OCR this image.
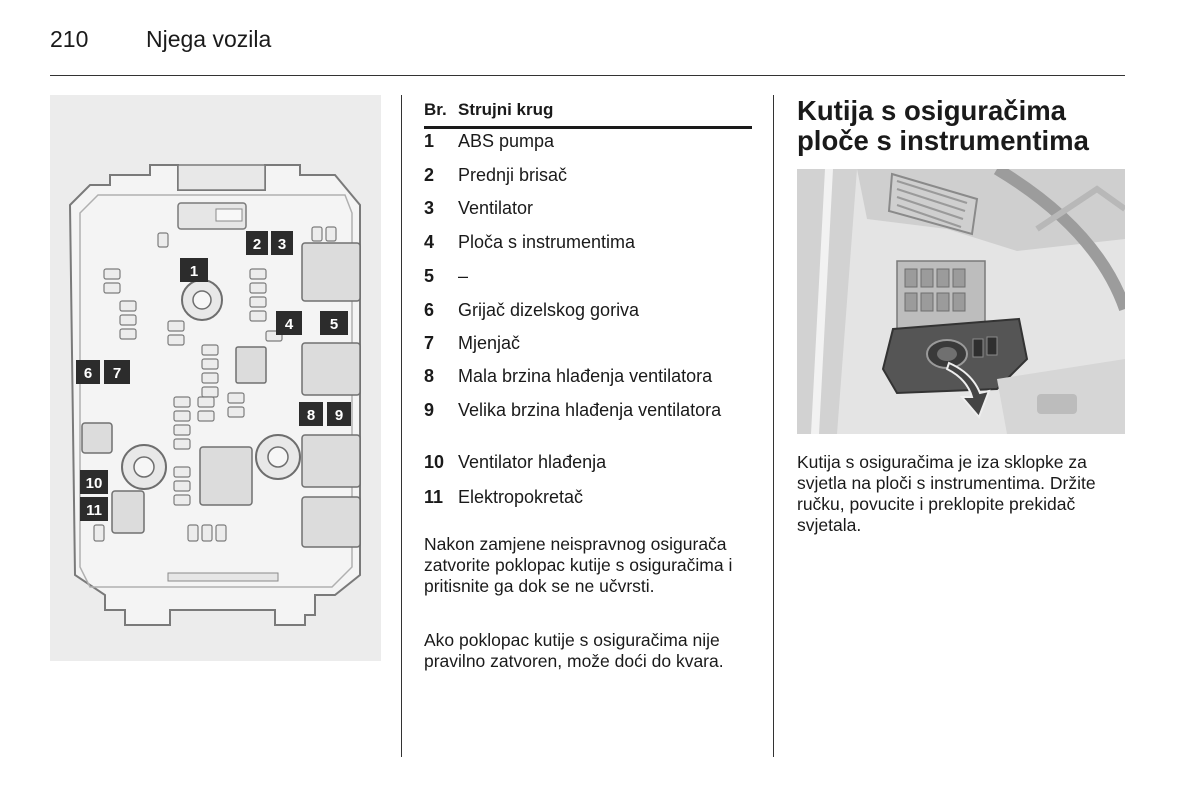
210	Njega vozila
1
2 3
4 5
6 7
8 9
10
11
Br. Strujni krug
1	ABS pumpa
2	Prednji brisač
3	Ventilator
4	Ploča s instrumentima
5	–
6	Grijač dizelskog goriva
7	Mjenjač
8	Mala brzina hlađenja ventilatora
9	Velika brzina hlađenja ventilatora
10 Ventilator hlađenja
11 Elektropokretač
Nakon zamjene neispravnog osigurača zatvorite poklopac kutije s osiguračima i pritisnite ga dok se ne učvrsti.
Ako poklopac kutije s osiguračima nije pravilno zatvoren, može doći do kvara.
Kutija s osiguračima ploče s instrumentima
Kutija s osiguračima je iza sklopke za svjetla na ploči s instrumentima. Držite ručku, povucite i preklopite prekidač svjetala.
